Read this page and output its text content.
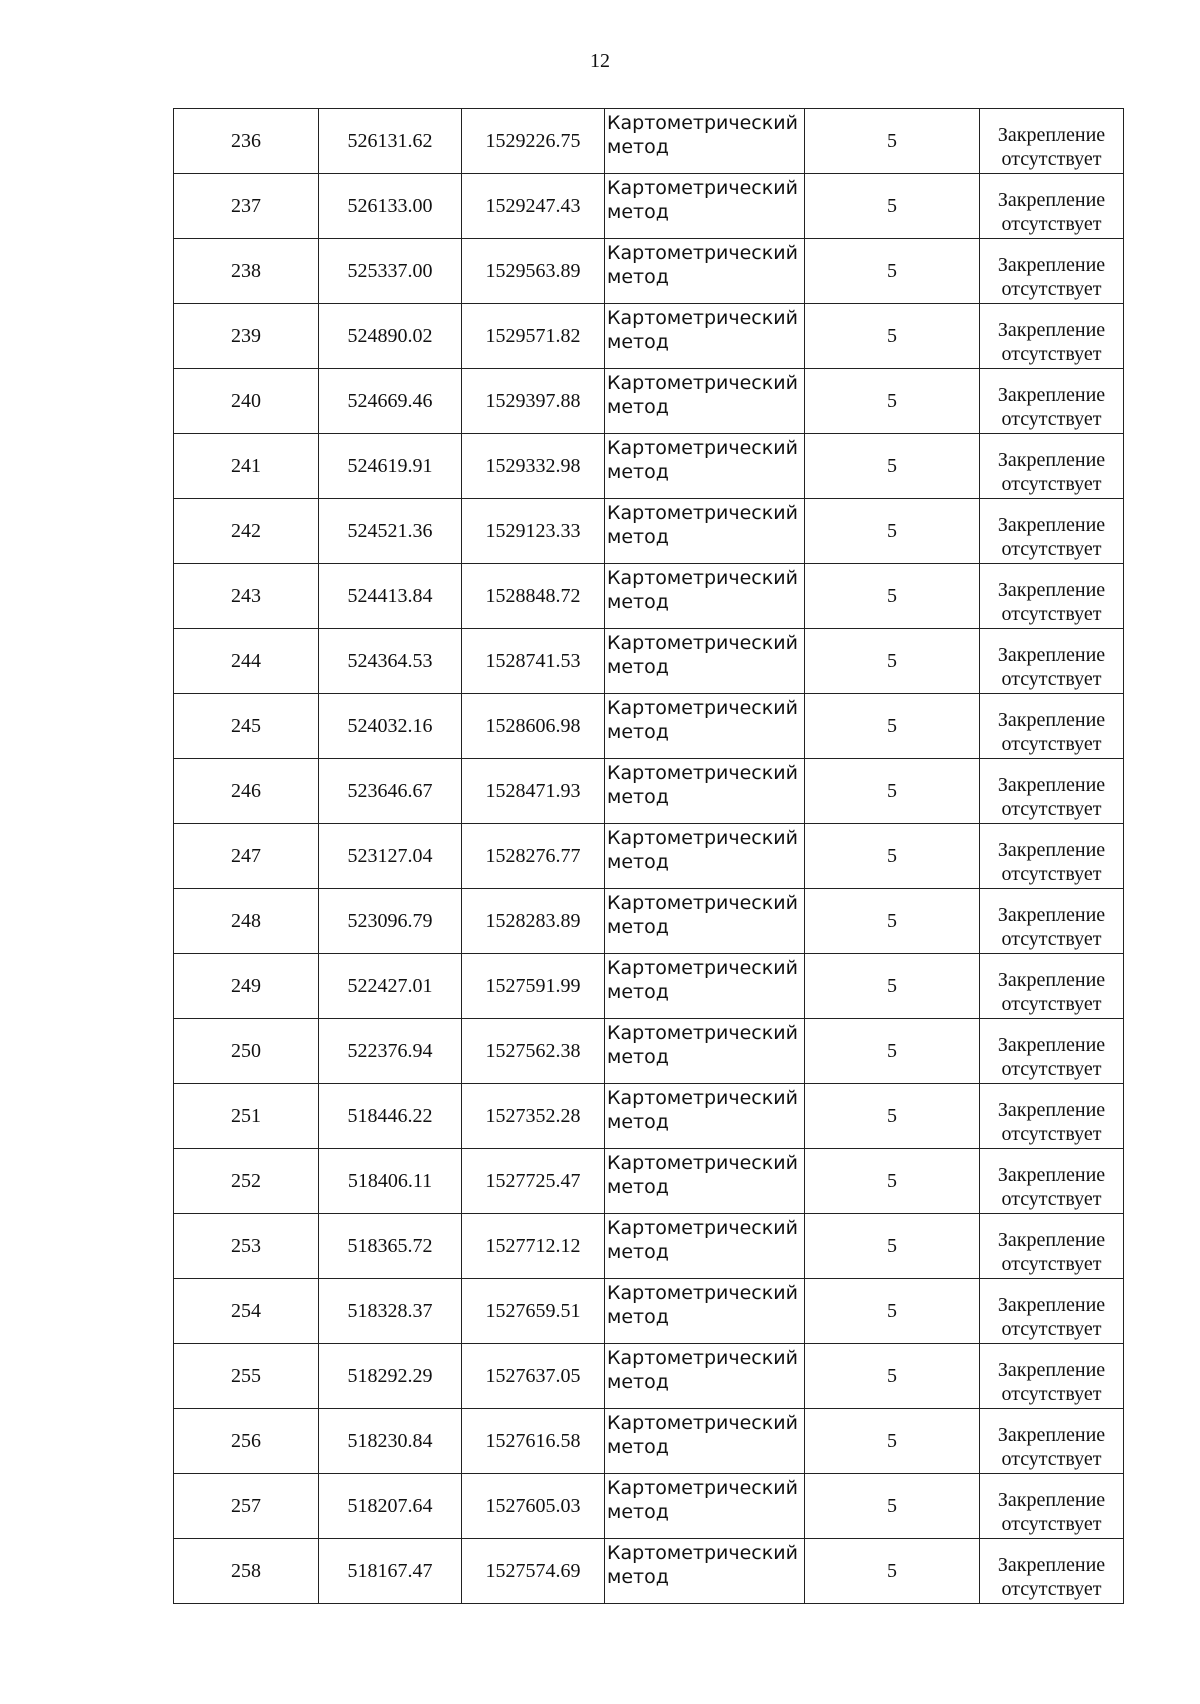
12
236	526131.62	1529226.75	Картометрический
метод	5	Закрепление
отсутствует

237	526133.00	1529247.43	Картометрический
метод	5	Закрепление
отсутствует

238	525337.00	1529563.89	Картометрический
метод	5	Закрепление
отсутствует

239	524890.02	1529571.82	Картометрический
метод	5	Закрепление
отсутствует

240	524669.46	1529397.88	Картометрический
метод	5	Закрепление
отсутствует

241	524619.91	1529332.98	Картометрический
метод	5	Закрепление
отсутствует

242	524521.36	1529123.33	Картометрический
метод	5	Закрепление
отсутствует

243	524413.84	1528848.72	Картометрический
метод	5	Закрепление
отсутствует

244	524364.53	1528741.53	Картометрический
метод	5	Закрепление
отсутствует

245	524032.16	1528606.98	Картометрический
метод	5	Закрепление
отсутствует

246	523646.67	1528471.93	Картометрический
метод	5	Закрепление
отсутствует

247	523127.04	1528276.77	Картометрический
метод	5	Закрепление
отсутствует

248	523096.79	1528283.89	Картометрический
метод	5	Закрепление
отсутствует

249	522427.01	1527591.99	Картометрический
метод	5	Закрепление
отсутствует

250	522376.94	1527562.38	Картометрический
метод	5	Закрепление
отсутствует

251	518446.22	1527352.28	Картометрический
метод	5	Закрепление
отсутствует

252	518406.11	1527725.47	Картометрический
метод	5	Закрепление
отсутствует

253	518365.72	1527712.12	Картометрический
метод	5	Закрепление
отсутствует

254	518328.37	1527659.51	Картометрический
метод	5	Закрепление
отсутствует

255	518292.29	1527637.05	Картометрический
метод	5	Закрепление
отсутствует

256	518230.84	1527616.58	Картометрический
метод	5	Закрепление
отсутствует

257	518207.64	1527605.03	Картометрический
метод	5	Закрепление
отсутствует

258	518167.47	1527574.69	Картометрический
метод	5	Закрепление
отсутствует
